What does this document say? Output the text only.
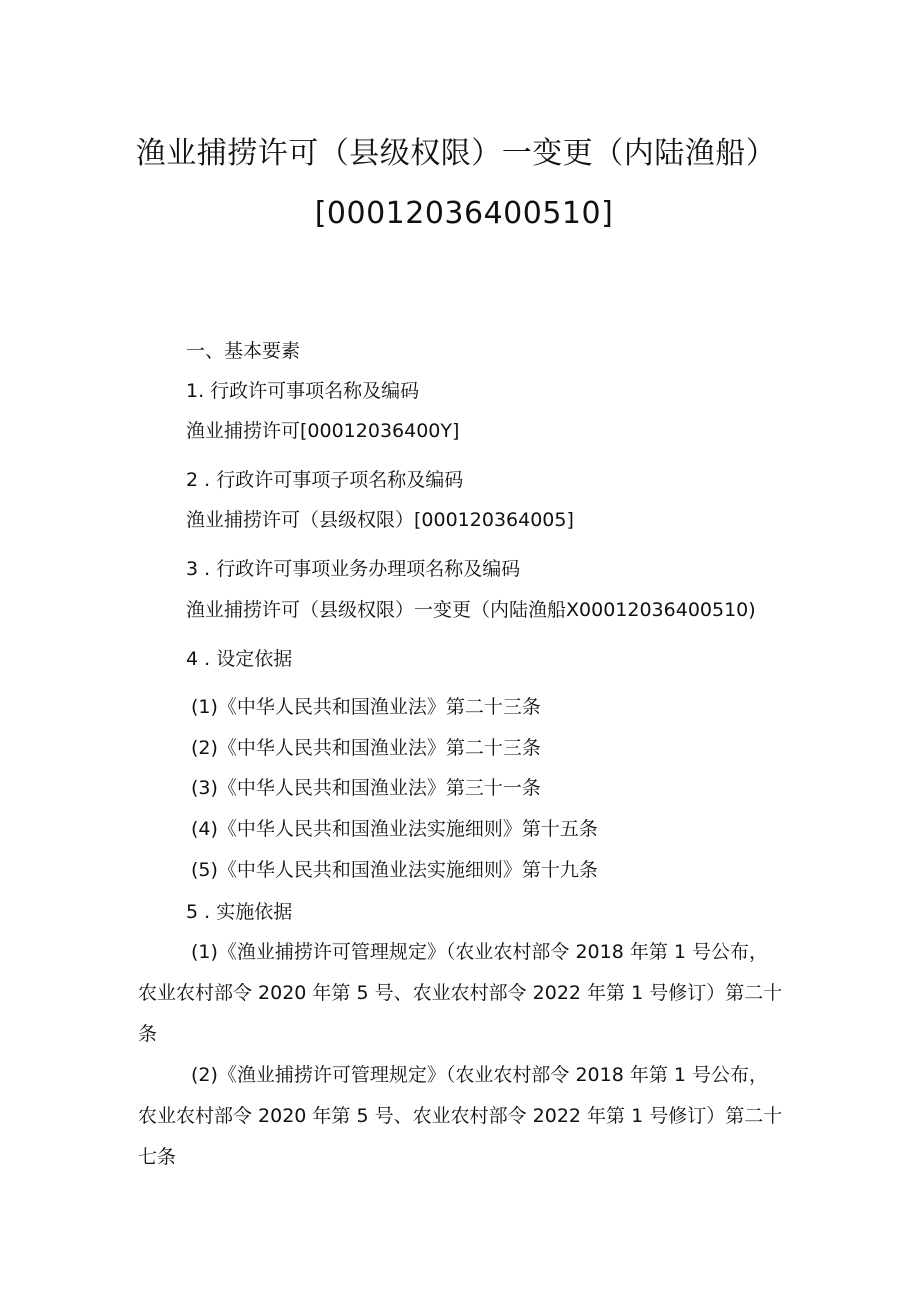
渔业捕捞许可（县级权限）一变更（内陆渔船）
[00012036400510]
一、基本要素
1. 行政许可事项名称及编码
渔业捕捞许可[00012036400Y]
2 . 行政许可事项子项名称及编码
渔业捕捞许可（县级权限）[000120364005]
3 . 行政许可事项业务办理项名称及编码
渔业捕捞许可（县级权限）一变更（内陆渔船X00012036400510)
4 . 设定依据
(1)《中华人民共和国渔业法》第二十三条
(2)《中华人民共和国渔业法》第二十三条
(3)《中华人民共和国渔业法》第三十一条
(4)《中华人民共和国渔业法实施细则》第十五条
(5)《中华人民共和国渔业法实施细则》第十九条
5 . 实施依据
(1)《渔业捕捞许可管理规定》（农业农村部令 2018 年第 1 号公布，
农业农村部令 2020 年第 5 号、农业农村部令 2022 年第 1 号修订）第二十
条
(2)《渔业捕捞许可管理规定》（农业农村部令 2018 年第 1 号公布，
农业农村部令 2020 年第 5 号、农业农村部令 2022 年第 1 号修订）第二十
七条
